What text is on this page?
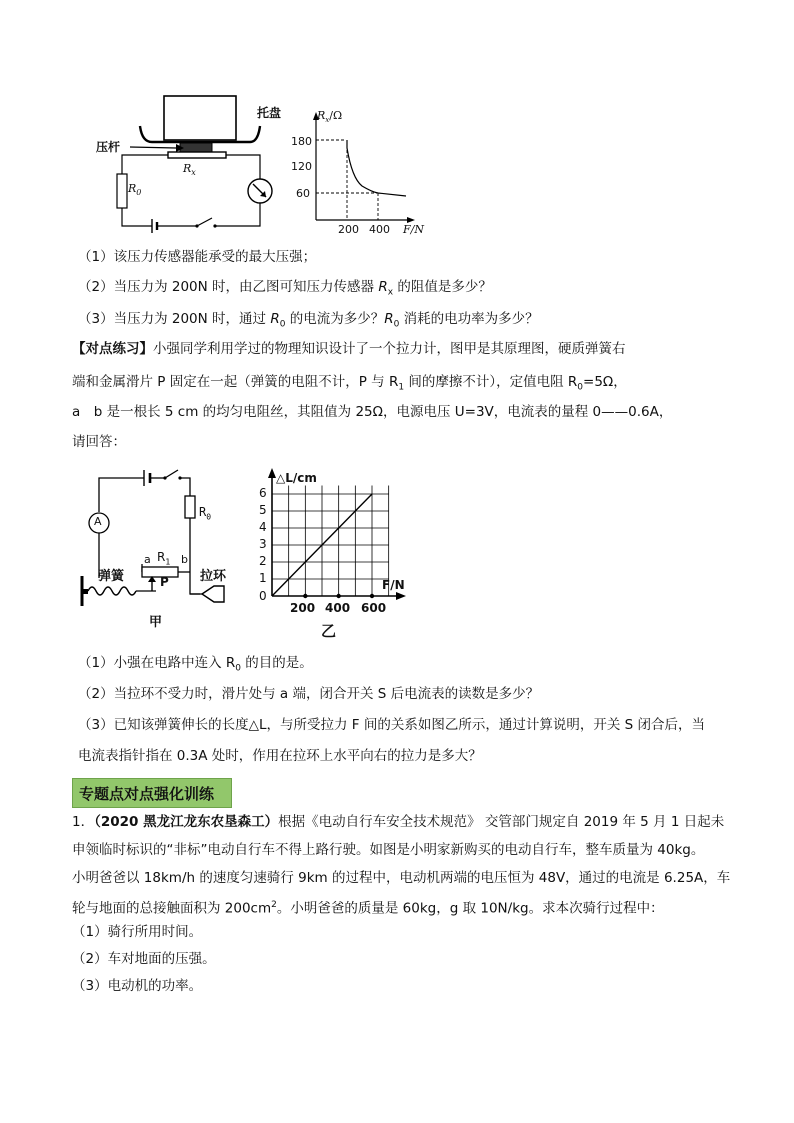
托盘
压杆
$R_x$
$R_0$
$R_x/\Omega$
180
120
60
200 400 F/N
（1）该压力传感器能承受的最大压强；
（2）当压力为 200N 时，由乙图可知压力传感器 $R_x$ 的阻值是多少？
（3）当压力为 200N 时，通过 $R_0$ 的电流为多少？$R_0$ 消耗的电功率为多少？
【对点练习】小强同学利用学过的物理知识设计了一个拉力计，图甲是其原理图，硬质弹簧右
端和金属滑片 P 固定在一起（弹簧的电阻不计，P 与 $R_1$ 间的摩擦不计），定值电阻 $R_0=5\Omega$，
a　b 是一根长 5 cm 的均匀电阻丝，其阻值为 25Ω，电源电压 U=3V，电流表的量程 0——0.6A，
请回答：
$R_0$
A
a $R_1$ b
P
弹簧	拉环
甲
△L/cm
6
5
4
3
2
1
0
200 400 600
F/N
乙
（1）小强在电路中连入 $R_0$ 的目的是。
（2）当拉环不受力时，滑片处与 a 端，闭合开关 S 后电流表的读数是多少？
（3）已知该弹簧伸长的长度△L，与所受拉力 F 间的关系如图乙所示，通过计算说明，开关 S 闭合后，当
电流表指针指在 0.3A 处时，作用在拉环上水平向右的拉力是多大？
专题点对点强化训练
1．（2020 黑龙江龙东农垦森工）根据《电动自行车安全技术规范》 交管部门规定自 2019 年 5 月 1 日起未
申领临时标识的“非标”电动自行车不得上路行驶。如图是小明家新购买的电动自行车，整车质量为 40kg。
小明爸爸以 18km/h 的速度匀速骑行 9km 的过程中，电动机两端的电压恒为 48V，通过的电流是 6.25A，车
轮与地面的总接触面积为 $200cm^2$。小明爸爸的质量是 60kg，g 取 10N/kg。求本次骑行过程中：
（1）骑行所用时间。
（2）车对地面的压强。
（3）电动机的功率。
